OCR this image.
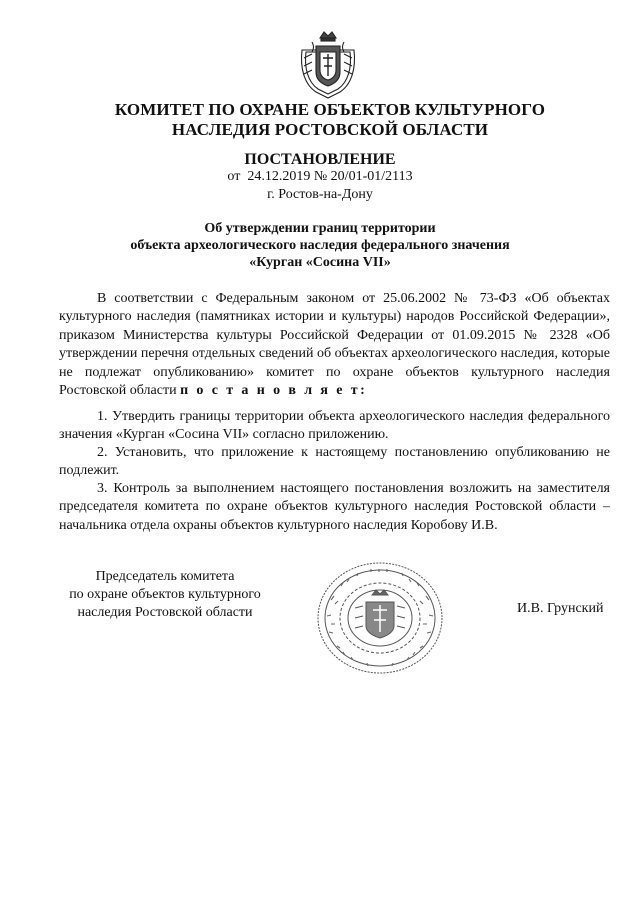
КОМИТЕТ ПО ОХРАНЕ ОБЪЕКТОВ КУЛЬТУРНОГО
НАСЛЕДИЯ РОСТОВСКОЙ ОБЛАСТИ
ПОСТАНОВЛЕНИЕ
от  24.12.2019 № 20/01-01/2113
г. Ростов-на-Дону
Об утверждении границ территории
объекта археологического наследия федерального значения
«Курган «Сосина VII»
В соответствии с Федеральным законом от 25.06.2002 № 73-ФЗ «Об объектах культурного наследия (памятниках истории и культуры) народов Российской Федерации», приказом Министерства культуры Российской Федерации от 01.09.2015 № 2328 «Об утверждении перечня отдельных сведений об объектах археологического наследия, которые не подлежат опубликованию» комитет по охране объектов культурного наследия Ростовской области п о с т а н о в л я е т:
1. Утвердить границы территории объекта археологического наследия федерального значения «Курган «Сосина VII» согласно приложению.
2. Установить, что приложение к настоящему постановлению опубликованию не подлежит.
3. Контроль за выполнением настоящего постановления возложить на заместителя председателя комитета по охране объектов культурного наследия Ростовской области – начальника отдела охраны объектов культурного наследия Коробову И.В.
Председатель комитета
по охране объектов культурного
наследия Ростовской области	И.В. Грунский
